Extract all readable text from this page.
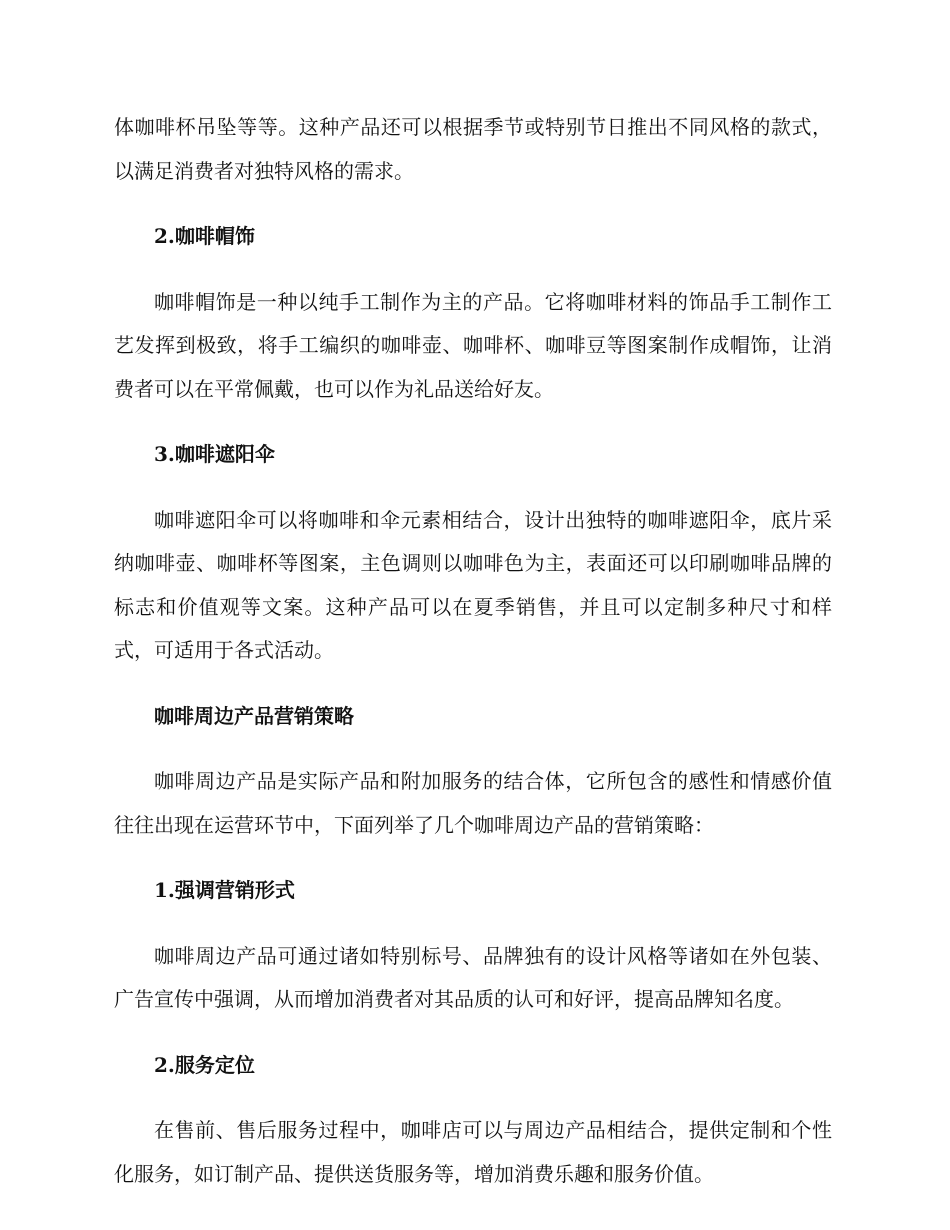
体咖啡杯吊坠等等。这种产品还可以根据季节或特别节日推出不同风格的款式，以满足消费者对独特风格的需求。

2.咖啡帽饰

咖啡帽饰是一种以纯手工制作为主的产品。它将咖啡材料的饰品手工制作工艺发挥到极致，将手工编织的咖啡壶、咖啡杯、咖啡豆等图案制作成帽饰，让消费者可以在平常佩戴，也可以作为礼品送给好友。

3.咖啡遮阳伞

咖啡遮阳伞可以将咖啡和伞元素相结合，设计出独特的咖啡遮阳伞，底片采纳咖啡壶、咖啡杯等图案，主色调则以咖啡色为主，表面还可以印刷咖啡品牌的标志和价值观等文案。这种产品可以在夏季销售，并且可以定制多种尺寸和样式，可适用于各式活动。

咖啡周边产品营销策略

咖啡周边产品是实际产品和附加服务的结合体，它所包含的感性和情感价值往往出现在运营环节中，下面列举了几个咖啡周边产品的营销策略：

1.强调营销形式

咖啡周边产品可通过诸如特别标号、品牌独有的设计风格等诸如在外包装、广告宣传中强调，从而增加消费者对其品质的认可和好评，提高品牌知名度。

2.服务定位

在售前、售后服务过程中，咖啡店可以与周边产品相结合，提供定制和个性化服务，如订制产品、提供送货服务等，增加消费乐趣和服务价值。
